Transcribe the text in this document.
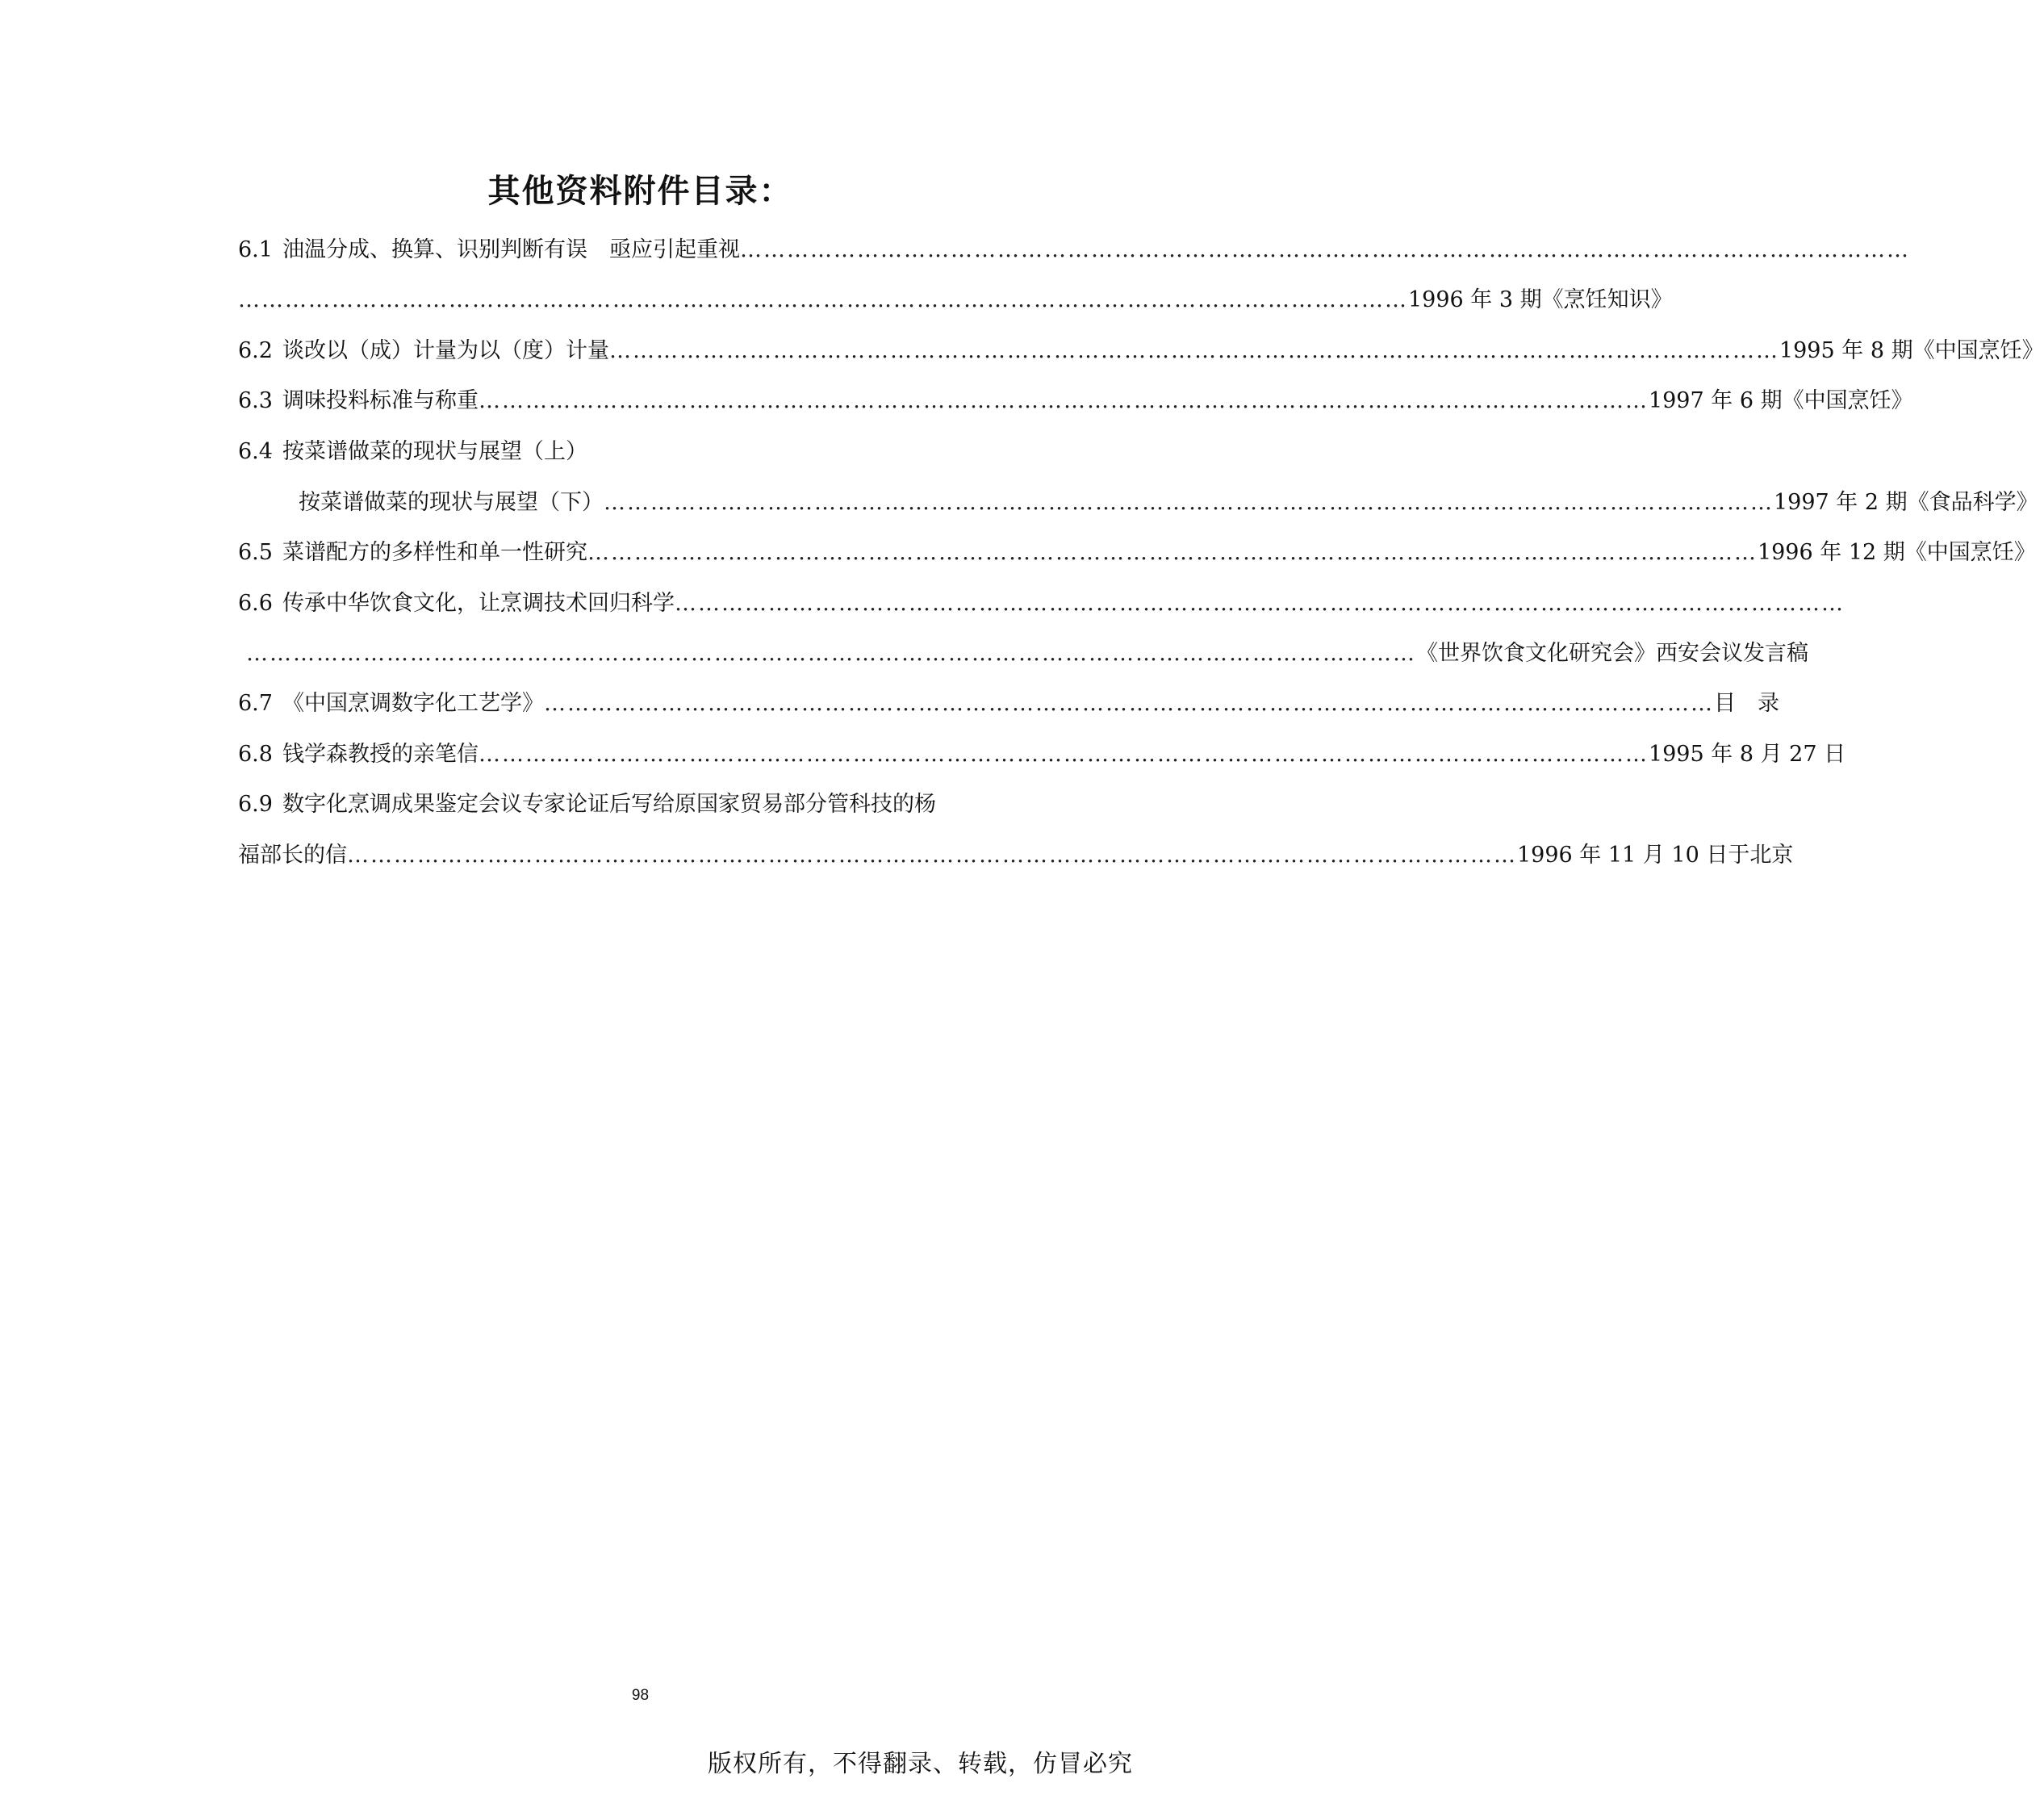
其他资料附件目录：
6.1 油温分成、换算、识别判断有误　亟应引起重视 ……………………………………………………………………………………………………………………………………
…………………………………………………………………………………………………………………………………… 1996 年 3 期《烹饪知识》
6.2 谈改以（成）计量为以（度）计量 …………………………………………………………………………………………………………………………………… 1995 年 8 期《中国烹饪》
6.3 调味投料标准与称重 …………………………………………………………………………………………………………………………………… 1997 年 6 期《中国烹饪》
6.4 按菜谱做菜的现状与展望（上）
按菜谱做菜的现状与展望（下） …………………………………………………………………………………………………………………………………… 1997 年 2 期《食品科学》
6.5 菜谱配方的多样性和单一性研究 …………………………………………………………………………………………………………………………………… 1996 年 12 期《中国烹饪》
6.6 传承中华饮食文化，让烹调技术回归科学 ……………………………………………………………………………………………………………………………………
…………………………………………………………………………………………………………………………………… 《世界饮食文化研究会》西安会议发言稿
6.7 《中国烹调数字化工艺学》 …………………………………………………………………………………………………………………………………… 目　录
6.8 钱学森教授的亲笔信 …………………………………………………………………………………………………………………………………… 1995 年 8 月 27 日
6.9 数字化烹调成果鉴定会议专家论证后写给原国家贸易部分管科技的杨
福部长的信 …………………………………………………………………………………………………………………………………… 1996 年 11 月 10 日于北京
98
版权所有，不得翻录、转载，仿冒必究
